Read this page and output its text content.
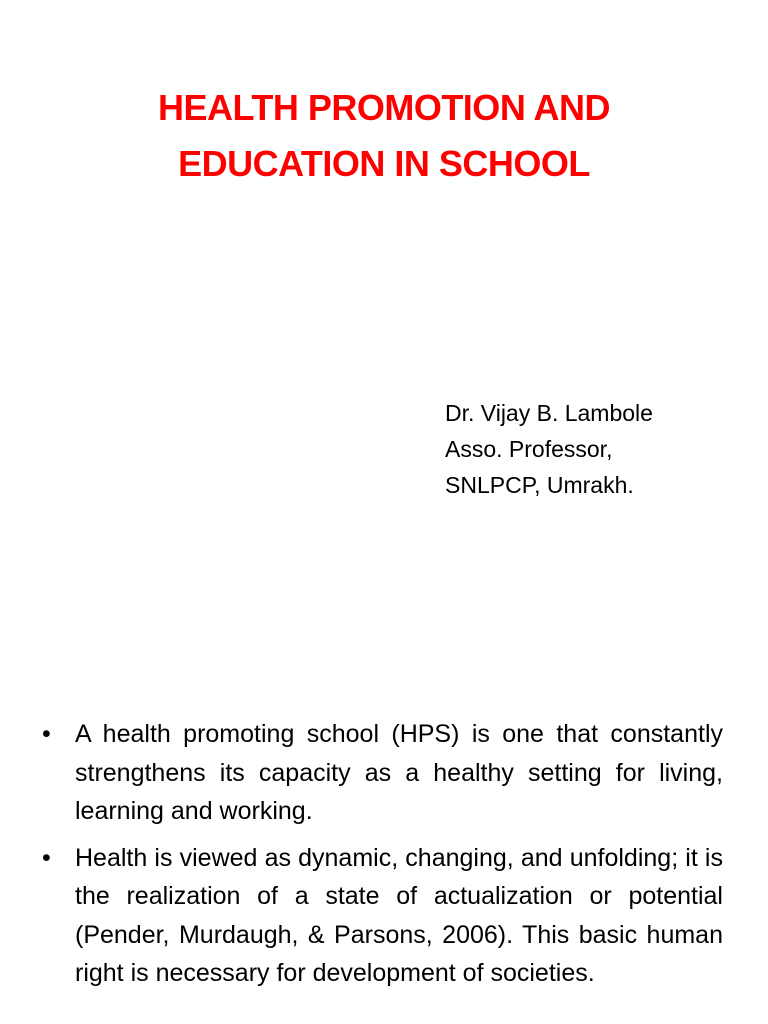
HEALTH PROMOTION AND
EDUCATION IN SCHOOL
Dr. Vijay B. Lambole
Asso. Professor,
SNLPCP, Umrakh.
• A health promoting school (HPS) is one that constantly strengthens its capacity as a healthy setting for living, learning and working.
• Health is viewed as dynamic, changing, and unfolding; it is the realization of a state of actualization or potential (Pender, Murdaugh, & Parsons, 2006). This basic human right is necessary for development of societies.
